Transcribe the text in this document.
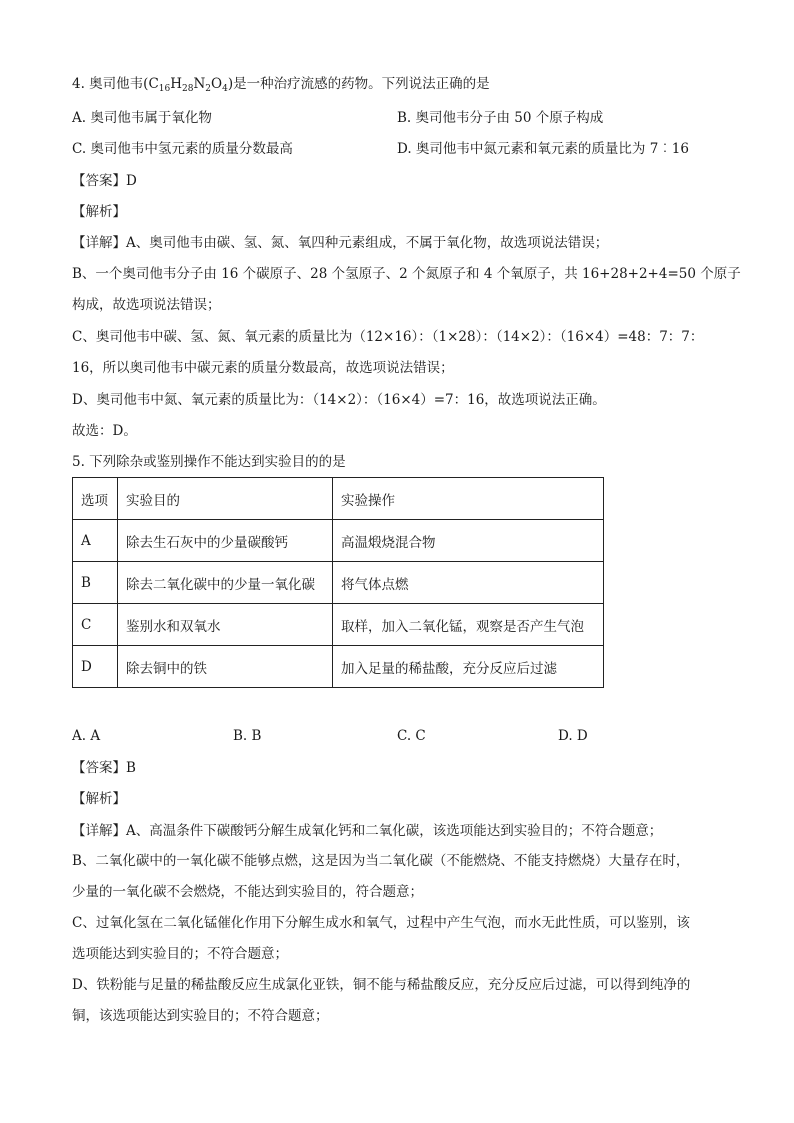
4. 奥司他韦$(C_{16}H_{28}N_2O_4)$是一种治疗流感的药物。下列说法正确的是
A. 奥司他韦属于氧化物	B. 奥司他韦分子由 50 个原子构成
C. 奥司他韦中氢元素的质量分数最高	D. 奥司他韦中氮元素和氧元素的质量比为 7︰16
【答案】D
【解析】
【详解】A、奥司他韦由碳、氢、氮、氧四种元素组成，不属于氧化物，故选项说法错误；
B、一个奥司他韦分子由 16 个碳原子、28 个氢原子、2 个氮原子和 4 个氧原子，共 16+28+2+4=50 个原子
构成，故选项说法错误；
C、奥司他韦中碳、氢、氮、氧元素的质量比为（12×16）：（1×28）：（14×2）：（16×4）=48：7：7：
16，所以奥司他韦中碳元素的质量分数最高，故选项说法错误；
D、奥司他韦中氮、氧元素的质量比为：（14×2）：（16×4）=7：16，故选项说法正确。
故选：D。
5. 下列除杂或鉴别操作不能达到实验目的的是
选项	实验目的	实验操作
A	除去生石灰中的少量碳酸钙	高温煅烧混合物
B	除去二氧化碳中的少量一氧化碳	将气体点燃
C	鉴别水和双氧水	取样，加入二氧化锰，观察是否产生气泡
D	除去铜中的铁	加入足量的稀盐酸，充分反应后过滤
A. A	B. B	C. C	D. D
【答案】B
【解析】
【详解】A、高温条件下碳酸钙分解生成氧化钙和二氧化碳，该选项能达到实验目的；不符合题意；
B、二氧化碳中的一氧化碳不能够点燃，这是因为当二氧化碳（不能燃烧、不能支持燃烧）大量存在时，
少量的一氧化碳不会燃烧，不能达到实验目的，符合题意；
C、过氧化氢在二氧化锰催化作用下分解生成水和氧气，过程中产生气泡，而水无此性质，可以鉴别，该
选项能达到实验目的；不符合题意；
D、铁粉能与足量的稀盐酸反应生成氯化亚铁，铜不能与稀盐酸反应，充分反应后过滤，可以得到纯净的
铜，该选项能达到实验目的；不符合题意；
